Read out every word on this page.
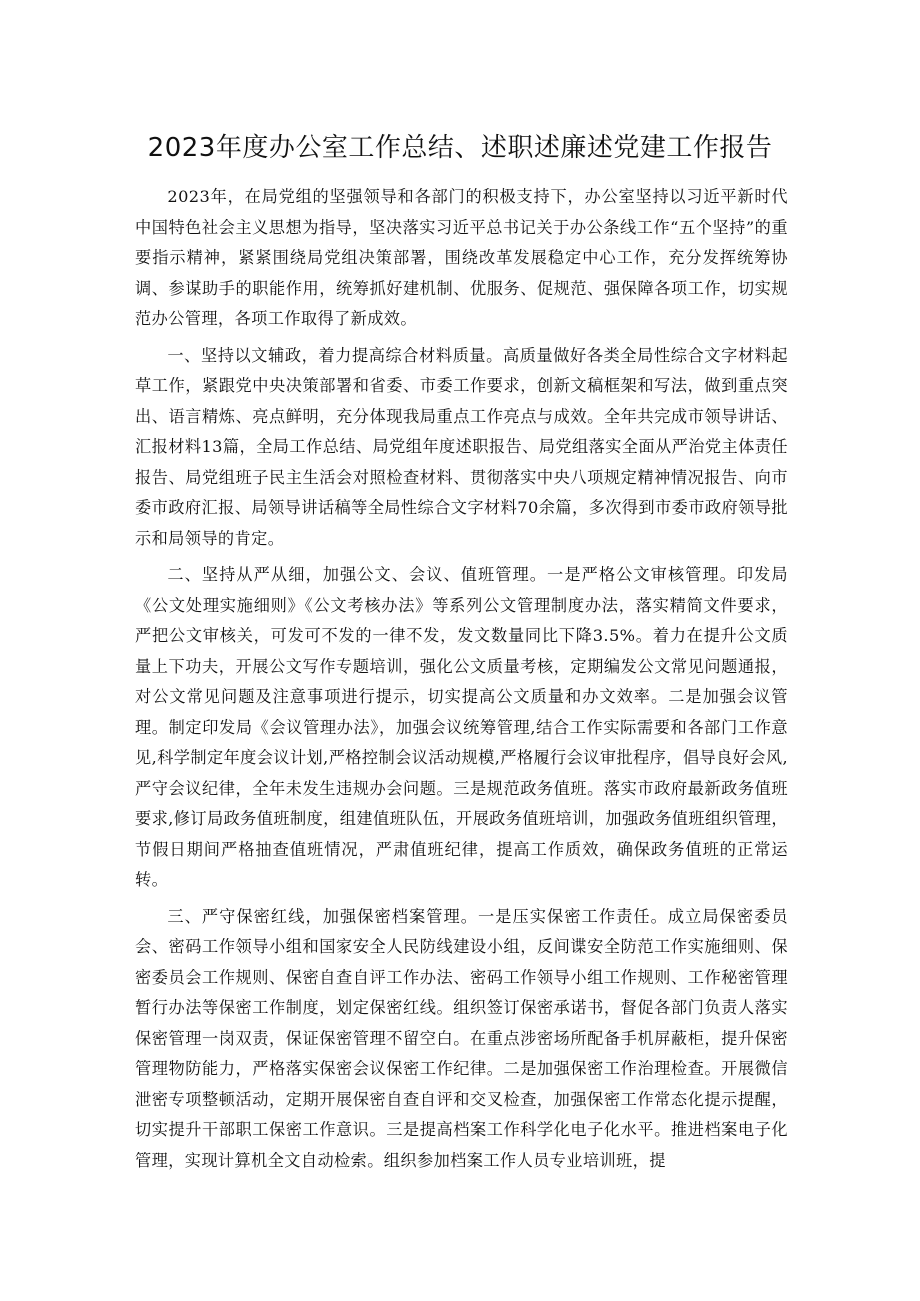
2023年度办公室工作总结、述职述廉述党建工作报告

2023年，在局党组的坚强领导和各部门的积极支持下，办公室坚持以习近平新时代中国特色社会主义思想为指导，坚决落实习近平总书记关于办公条线工作“五个坚持”的重要指示精神，紧紧围绕局党组决策部署，围绕改革发展稳定中心工作，充分发挥统筹协调、参谋助手的职能作用，统筹抓好建机制、优服务、促规范、强保障各项工作，切实规范办公管理，各项工作取得了新成效。

一、坚持以文辅政，着力提高综合材料质量。高质量做好各类全局性综合文字材料起草工作，紧跟党中央决策部署和省委、市委工作要求，创新文稿框架和写法，做到重点突出、语言精炼、亮点鲜明，充分体现我局重点工作亮点与成效。全年共完成市领导讲话、汇报材料13篇，全局工作总结、局党组年度述职报告、局党组落实全面从严治党主体责任报告、局党组班子民主生活会对照检查材料、贯彻落实中央八项规定精神情况报告、向市委市政府汇报、局领导讲话稿等全局性综合文字材料70余篇，多次得到市委市政府领导批示和局领导的肯定。

二、坚持从严从细，加强公文、会议、值班管理。一是严格公文审核管理。印发局《公文处理实施细则》《公文考核办法》等系列公文管理制度办法，落实精简文件要求，严把公文审核关，可发可不发的一律不发，发文数量同比下降3.5%。着力在提升公文质量上下功夫，开展公文写作专题培训，强化公文质量考核，定期编发公文常见问题通报，对公文常见问题及注意事项进行提示，切实提高公文质量和办文效率。二是加强会议管理。制定印发局《会议管理办法》，加强会议统筹管理,结合工作实际需要和各部门工作意见,科学制定年度会议计划,严格控制会议活动规模,严格履行会议审批程序，倡导良好会风,严守会议纪律，全年未发生违规办会问题。三是规范政务值班。落实市政府最新政务值班要求,修订局政务值班制度，组建值班队伍，开展政务值班培训，加强政务值班组织管理，节假日期间严格抽查值班情况，严肃值班纪律，提高工作质效，确保政务值班的正常运转。

三、严守保密红线，加强保密档案管理。一是压实保密工作责任。成立局保密委员会、密码工作领导小组和国家安全人民防线建设小组，反间谍安全防范工作实施细则、保密委员会工作规则、保密自查自评工作办法、密码工作领导小组工作规则、工作秘密管理暂行办法等保密工作制度，划定保密红线。组织签订保密承诺书，督促各部门负责人落实保密管理一岗双责，保证保密管理不留空白。在重点涉密场所配备手机屏蔽柜，提升保密管理物防能力，严格落实保密会议保密工作纪律。二是加强保密工作治理检查。开展微信泄密专项整顿活动，定期开展保密自查自评和交叉检查，加强保密工作常态化提示提醒，切实提升干部职工保密工作意识。三是提高档案工作科学化电子化水平。推进档案电子化管理，实现计算机全文自动检索。组织参加档案工作人员专业培训班，提
